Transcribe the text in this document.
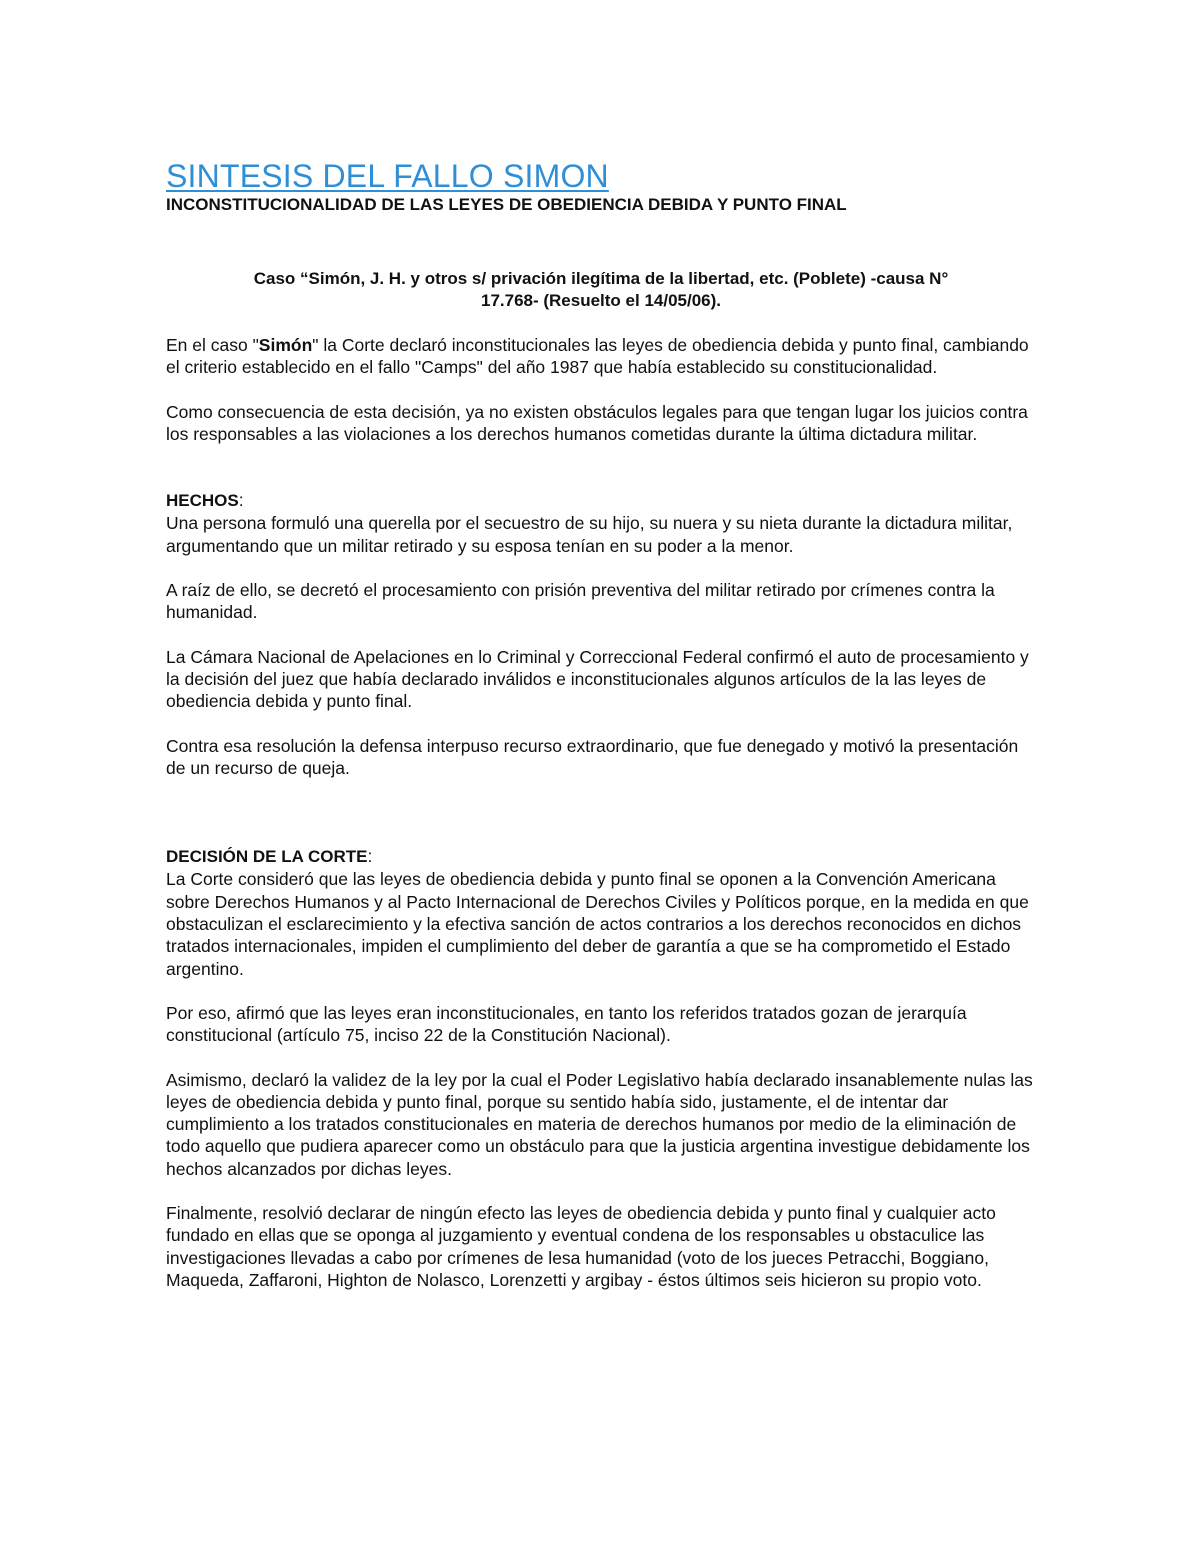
SINTESIS DEL FALLO SIMON
INCONSTITUCIONALIDAD DE LAS LEYES DE OBEDIENCIA DEBIDA Y PUNTO FINAL
Caso “Simón, J. H. y otros s/ privación ilegítima de la libertad, etc. (Poblete) -causa N°
17.768- (Resuelto el 14/05/06).

En el caso "Simón" la Corte declaró inconstitucionales las leyes de obediencia debida y punto final, cambiando el criterio establecido en el fallo "Camps" del año 1987 que había establecido su constitucionalidad.

Como consecuencia de esta decisión, ya no existen obstáculos legales para que tengan lugar los juicios contra los responsables a las violaciones a los derechos humanos cometidas durante la última dictadura militar.

HECHOS:
Una persona formuló una querella por el secuestro de su hijo, su nuera y su nieta durante la dictadura militar, argumentando que un militar retirado y su esposa tenían en su poder a la menor.

A raíz de ello, se decretó el procesamiento con prisión preventiva del militar retirado por crímenes contra la humanidad.

La Cámara Nacional de Apelaciones en lo Criminal y Correccional Federal confirmó el auto de procesamiento y la decisión del juez que había declarado inválidos e inconstitucionales algunos artículos de la las leyes de obediencia debida y punto final.

Contra esa resolución la defensa interpuso recurso extraordinario, que fue denegado y motivó la presentación de un recurso de queja.

DECISIÓN DE LA CORTE:
La Corte consideró que las leyes de obediencia debida y punto final se oponen a la Convención Americana sobre Derechos Humanos y al Pacto Internacional de Derechos Civiles y Políticos porque, en la medida en que obstaculizan el esclarecimiento y la efectiva sanción de actos contrarios a los derechos reconocidos en dichos tratados internacionales, impiden el cumplimiento del deber de garantía a que se ha comprometido el Estado argentino.

Por eso, afirmó que las leyes eran inconstitucionales, en tanto los referidos tratados gozan de jerarquía constitucional (artículo 75, inciso 22 de la Constitución Nacional).

Asimismo, declaró la validez de la ley por la cual el Poder Legislativo había declarado insanablemente nulas las leyes de obediencia debida y punto final, porque su sentido había sido, justamente, el de intentar dar cumplimiento a los tratados constitucionales en materia de derechos humanos por medio de la eliminación de todo aquello que pudiera aparecer como un obstáculo para que la justicia argentina investigue debidamente los hechos alcanzados por dichas leyes.

Finalmente, resolvió declarar de ningún efecto las leyes de obediencia debida y punto final y cualquier acto fundado en ellas que se oponga al juzgamiento y eventual condena de los responsables u obstaculice las investigaciones llevadas a cabo por crímenes de lesa humanidad (voto de los jueces Petracchi, Boggiano, Maqueda, Zaffaroni, Highton de Nolasco, Lorenzetti y argibay - éstos últimos seis hicieron su propio voto.
